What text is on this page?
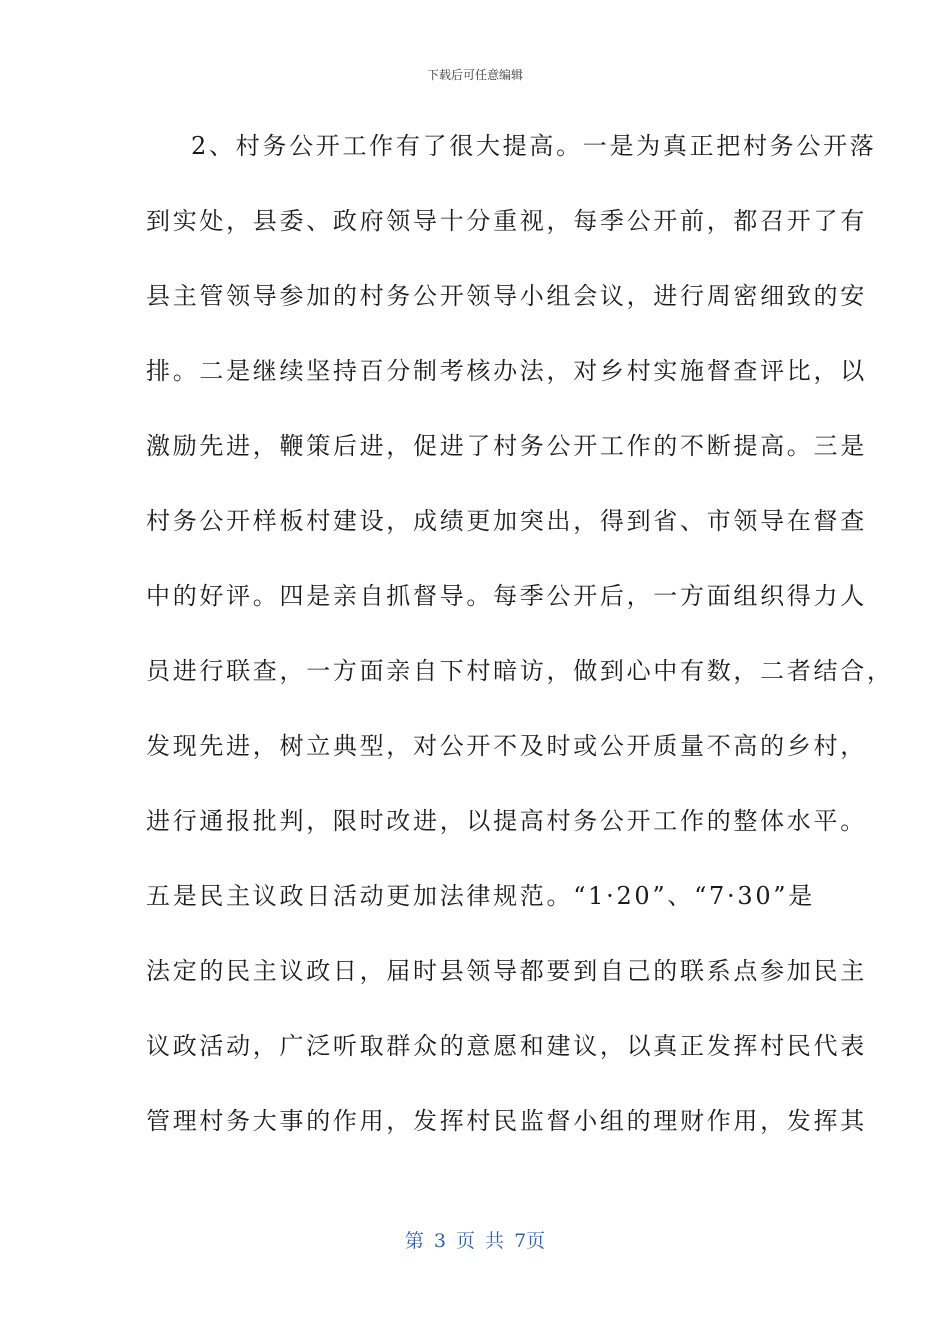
下载后可任意编辑
2、村务公开工作有了很大提高。一是为真正把村务公开落
到实处，县委、政府领导十分重视，每季公开前，都召开了有
县主管领导参加的村务公开领导小组会议，进行周密细致的安
排。二是继续坚持百分制考核办法，对乡村实施督查评比，以
激励先进，鞭策后进，促进了村务公开工作的不断提高。三是
村务公开样板村建设，成绩更加突出，得到省、市领导在督查
中的好评。四是亲自抓督导。每季公开后，一方面组织得力人
员进行联查，一方面亲自下村暗访，做到心中有数，二者结合，
发现先进，树立典型，对公开不及时或公开质量不高的乡村，
进行通报批判，限时改进，以提高村务公开工作的整体水平。
五是民主议政日活动更加法律规范。“1·20”、“7·30”是
法定的民主议政日，届时县领导都要到自己的联系点参加民主
议政活动，广泛听取群众的意愿和建议，以真正发挥村民代表
管理村务大事的作用，发挥村民监督小组的理财作用，发挥其
第 3 页 共 7页
